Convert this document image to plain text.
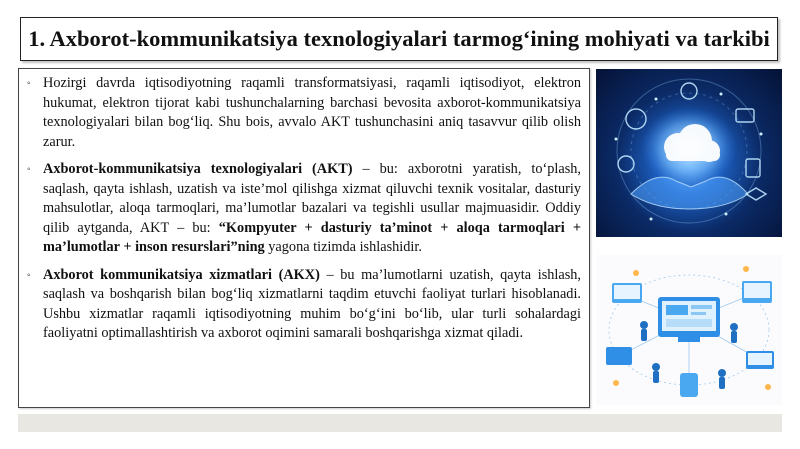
1. Axborot-kommunikatsiya texnologiyalari tarmog‘ining mohiyati va tarkibi
◦ Hozirgi davrda iqtisodiyotning raqamli transformatsiyasi, raqamli iqtisodiyot, elektron hukumat, elektron tijorat kabi tushunchalarning barchasi bevosita axborot-kommunikatsiya texnologiyalari bilan bog‘liq. Shu bois, avvalo AKT tushunchasini aniq tasavvur qilib olish zarur.
◦ Axborot-kommunikatsiya texnologiyalari (AKT) – bu: axborotni yaratish, to‘plash, saqlash, qayta ishlash, uzatish va iste’mol qilishga xizmat qiluvchi texnik vositalar, dasturiy mahsulotlar, aloqa tarmoqlari, ma’lumotlar bazalari va tegishli usullar majmuasidir. Oddiy qilib aytganda, AKT – bu: “Kompyuter + dasturiy ta’minot + aloqa tarmoqlari + ma’lumotlar + inson resurslari”ning yagona tizimda ishlashidir.
◦ Axborot kommunikatsiya xizmatlari (AKX) – bu ma’lumotlarni uzatish, qayta ishlash, saqlash va boshqarish bilan bog‘liq xizmatlarni taqdim etuvchi faoliyat turlari hisoblanadi. Ushbu xizmatlar raqamli iqtisodiyotning muhim bo‘g‘ini bo‘lib, ular turli sohalardagi faoliyatni optimallashtirish va axborot oqimini samarali boshqarishga xizmat qiladi.
